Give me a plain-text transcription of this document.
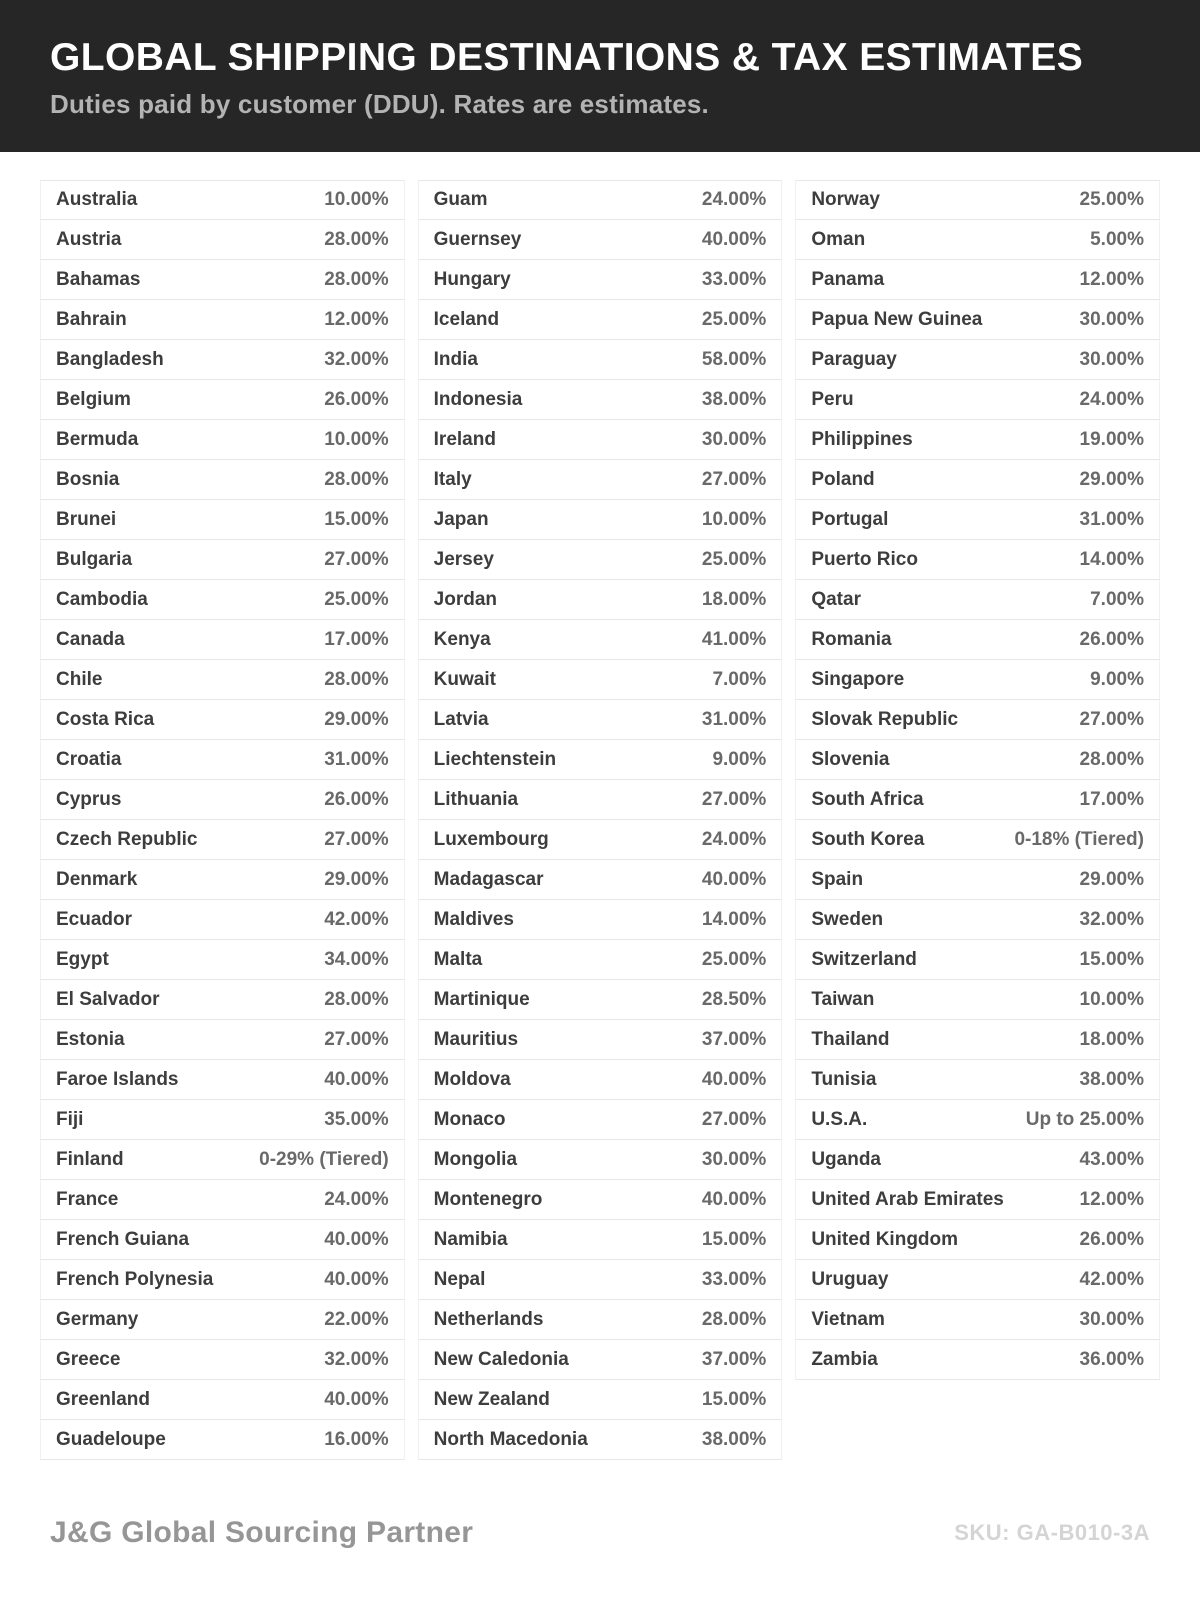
GLOBAL SHIPPING DESTINATIONS & TAX ESTIMATES

Duties paid by customer (DDU). Rates are estimates.

Australia	10.00%
Austria	28.00%
Bahamas	28.00%
Bahrain	12.00%
Bangladesh	32.00%
Belgium	26.00%
Bermuda	10.00%
Bosnia	28.00%
Brunei	15.00%
Bulgaria	27.00%
Cambodia	25.00%
Canada	17.00%
Chile	28.00%
Costa Rica	29.00%
Croatia	31.00%
Cyprus	26.00%
Czech Republic	27.00%
Denmark	29.00%
Ecuador	42.00%
Egypt	34.00%
El Salvador	28.00%
Estonia	27.00%
Faroe Islands	40.00%
Fiji	35.00%
Finland	0-29% (Tiered)
France	24.00%
French Guiana	40.00%
French Polynesia	40.00%
Germany	22.00%
Greece	32.00%
Greenland	40.00%
Guadeloupe	16.00%
Guam	24.00%
Guernsey	40.00%
Hungary	33.00%
Iceland	25.00%
India	58.00%
Indonesia	38.00%
Ireland	30.00%
Italy	27.00%
Japan	10.00%
Jersey	25.00%
Jordan	18.00%
Kenya	41.00%
Kuwait	7.00%
Latvia	31.00%
Liechtenstein	9.00%
Lithuania	27.00%
Luxembourg	24.00%
Madagascar	40.00%
Maldives	14.00%
Malta	25.00%
Martinique	28.50%
Mauritius	37.00%
Moldova	40.00%
Monaco	27.00%
Mongolia	30.00%
Montenegro	40.00%
Namibia	15.00%
Nepal	33.00%
Netherlands	28.00%
New Caledonia	37.00%
New Zealand	15.00%
North Macedonia	38.00%
Norway	25.00%
Oman	5.00%
Panama	12.00%
Papua New Guinea	30.00%
Paraguay	30.00%
Peru	24.00%
Philippines	19.00%
Poland	29.00%
Portugal	31.00%
Puerto Rico	14.00%
Qatar	7.00%
Romania	26.00%
Singapore	9.00%
Slovak Republic	27.00%
Slovenia	28.00%
South Africa	17.00%
South Korea	0-18% (Tiered)
Spain	29.00%
Sweden	32.00%
Switzerland	15.00%
Taiwan	10.00%
Thailand	18.00%
Tunisia	38.00%
U.S.A.	Up to 25.00%
Uganda	43.00%
United Arab Emirates	12.00%
United Kingdom	26.00%
Uruguay	42.00%
Vietnam	30.00%
Zambia	36.00%
J&G Global Sourcing Partner	SKU: GA-B010-3A
